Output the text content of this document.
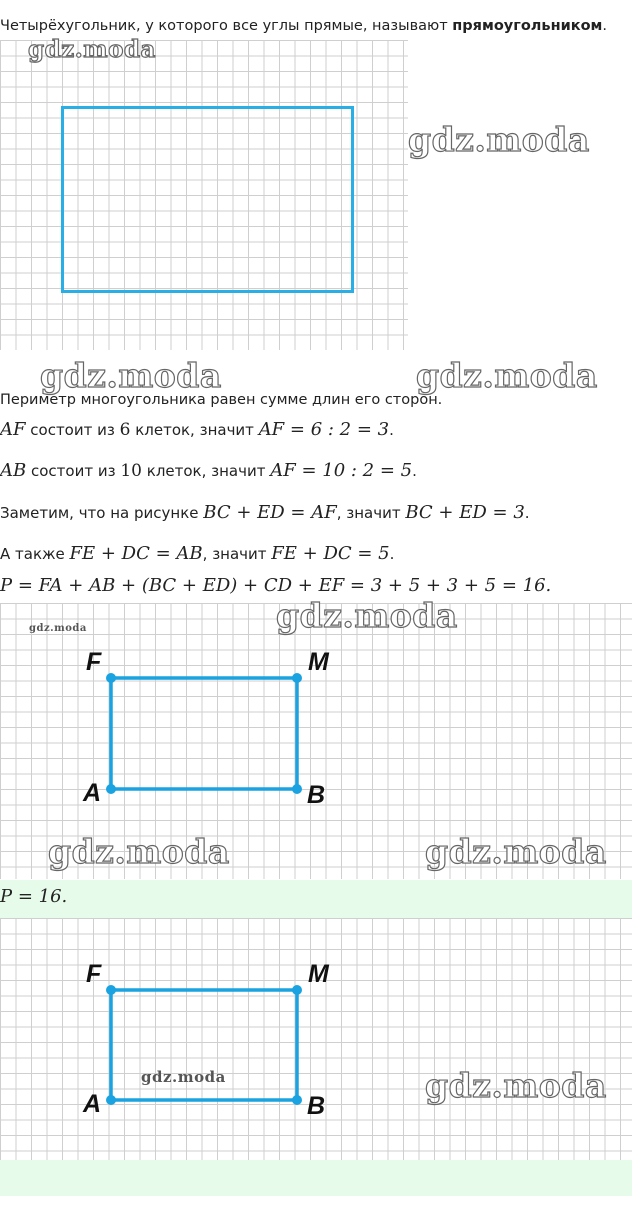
Четырёхугольник, у которого все углы прямые, называют прямоугольником.
gdz.moda
gdz.moda
gdz.moda	gdz.moda
Периметр многоугольника равен сумме длин его сторон.
AF состоит из 6 клеток, значит AF = 6 : 2 = 3.
AB состоит из 10 клеток, значит AF = 10 : 2 = 5.
Заметим, что на рисунке BC + ED = AF, значит BC + ED = 3.
А также FE + DC = AB, значит FE + DC = 5.
P = FA + AB + (BC + ED) + CD + EF = 3 + 5 + 3 + 5 = 16.
F	M
A	B
gdz.moda	gdz.moda
gdz.moda	gdz.moda
P = 16.
F	M
A	B
gdz.moda	gdz.moda
